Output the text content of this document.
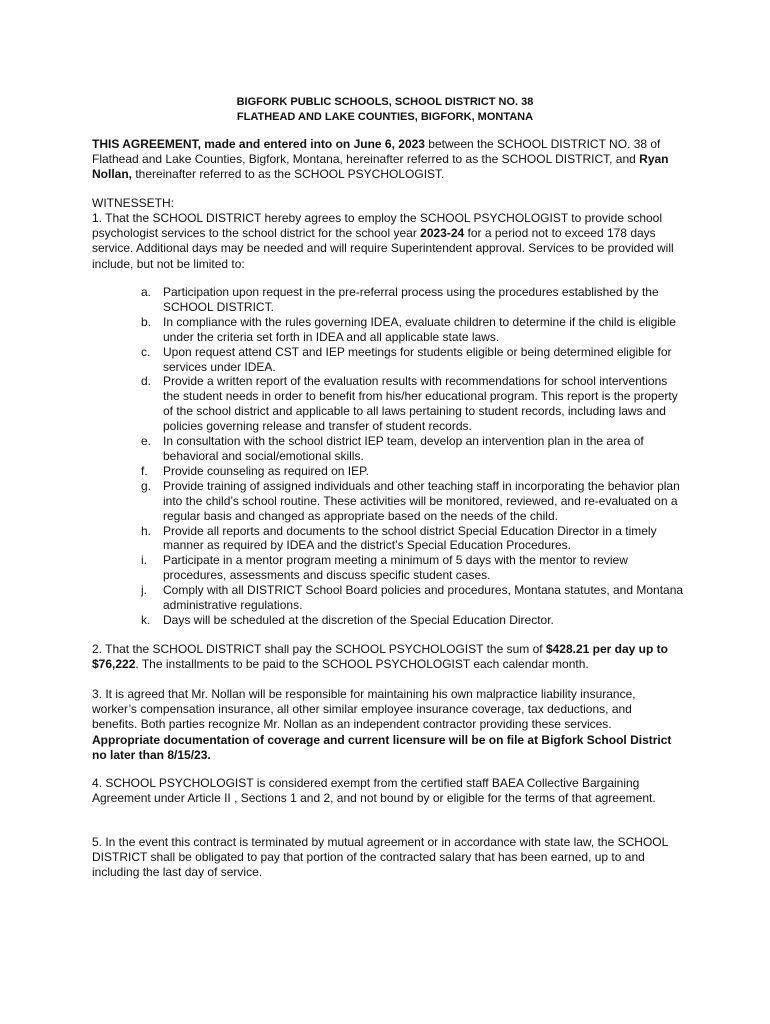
BIGFORK PUBLIC SCHOOLS, SCHOOL DISTRICT NO. 38
FLATHEAD AND LAKE COUNTIES, BIGFORK, MONTANA
THIS AGREEMENT, made and entered into on June 6, 2023 between the SCHOOL DISTRICT NO. 38 of Flathead and Lake Counties, Bigfork, Montana, hereinafter referred to as the SCHOOL DISTRICT, and Ryan Nollan, thereinafter referred to as the SCHOOL PSYCHOLOGIST.
WITNESSETH:
1. That the SCHOOL DISTRICT hereby agrees to employ the SCHOOL PSYCHOLOGIST to provide school psychologist services to the school district for the school year 2023-24 for a period not to exceed 178 days service. Additional days may be needed and will require Superintendent approval. Services to be provided will include, but not be limited to:
a. Participation upon request in the pre-referral process using the procedures established by the SCHOOL DISTRICT.
b. In compliance with the rules governing IDEA, evaluate children to determine if the child is eligible under the criteria set forth in IDEA and all applicable state laws.
c.	Upon request attend CST and IEP meetings for students eligible or being determined eligible for services under IDEA.
d. Provide a written report of the evaluation results with recommendations for school interventions the student needs in order to benefit from his/her educational program. This report is the property of the school district and applicable to all laws pertaining to student records, including laws and policies governing release and transfer of student records.
e. In consultation with the school district IEP team, develop an intervention plan in the area of behavioral and social/emotional skills.
f.	Provide counseling as required on IEP.
g. Provide training of assigned individuals and other teaching staff in incorporating the behavior plan into the child’s school routine. These activities will be monitored, reviewed, and re-evaluated on a regular basis and changed as appropriate based on the needs of the child.
h. Provide all reports and documents to the school district Special Education Director in a timely manner as required by IDEA and the district’s Special Education Procedures.
i.	Participate in a mentor program meeting a minimum of 5 days with the mentor to review procedures, assessments and discuss specific student cases.
j.	Comply with all DISTRICT School Board policies and procedures, Montana statutes, and Montana administrative regulations.
k.	Days will be scheduled at the discretion of the Special Education Director.
2. That the SCHOOL DISTRICT shall pay the SCHOOL PSYCHOLOGIST the sum of $428.21 per day up to $76,222. The installments to be paid to the SCHOOL PSYCHOLOGIST each calendar month.
3. It is agreed that Mr. Nollan will be responsible for maintaining his own malpractice liability insurance, worker’s compensation insurance, all other similar employee insurance coverage, tax deductions, and benefits. Both parties recognize Mr. Nollan as an independent contractor providing these services. Appropriate documentation of coverage and current licensure will be on file at Bigfork School District no later than 8/15/23.
4. SCHOOL PSYCHOLOGIST is considered exempt from the certified staff BAEA Collective Bargaining Agreement under Article II , Sections 1 and 2, and not bound by or eligible for the terms of that agreement.
5. In the event this contract is terminated by mutual agreement or in accordance with state law, the SCHOOL DISTRICT shall be obligated to pay that portion of the contracted salary that has been earned, up to and including the last day of service.
